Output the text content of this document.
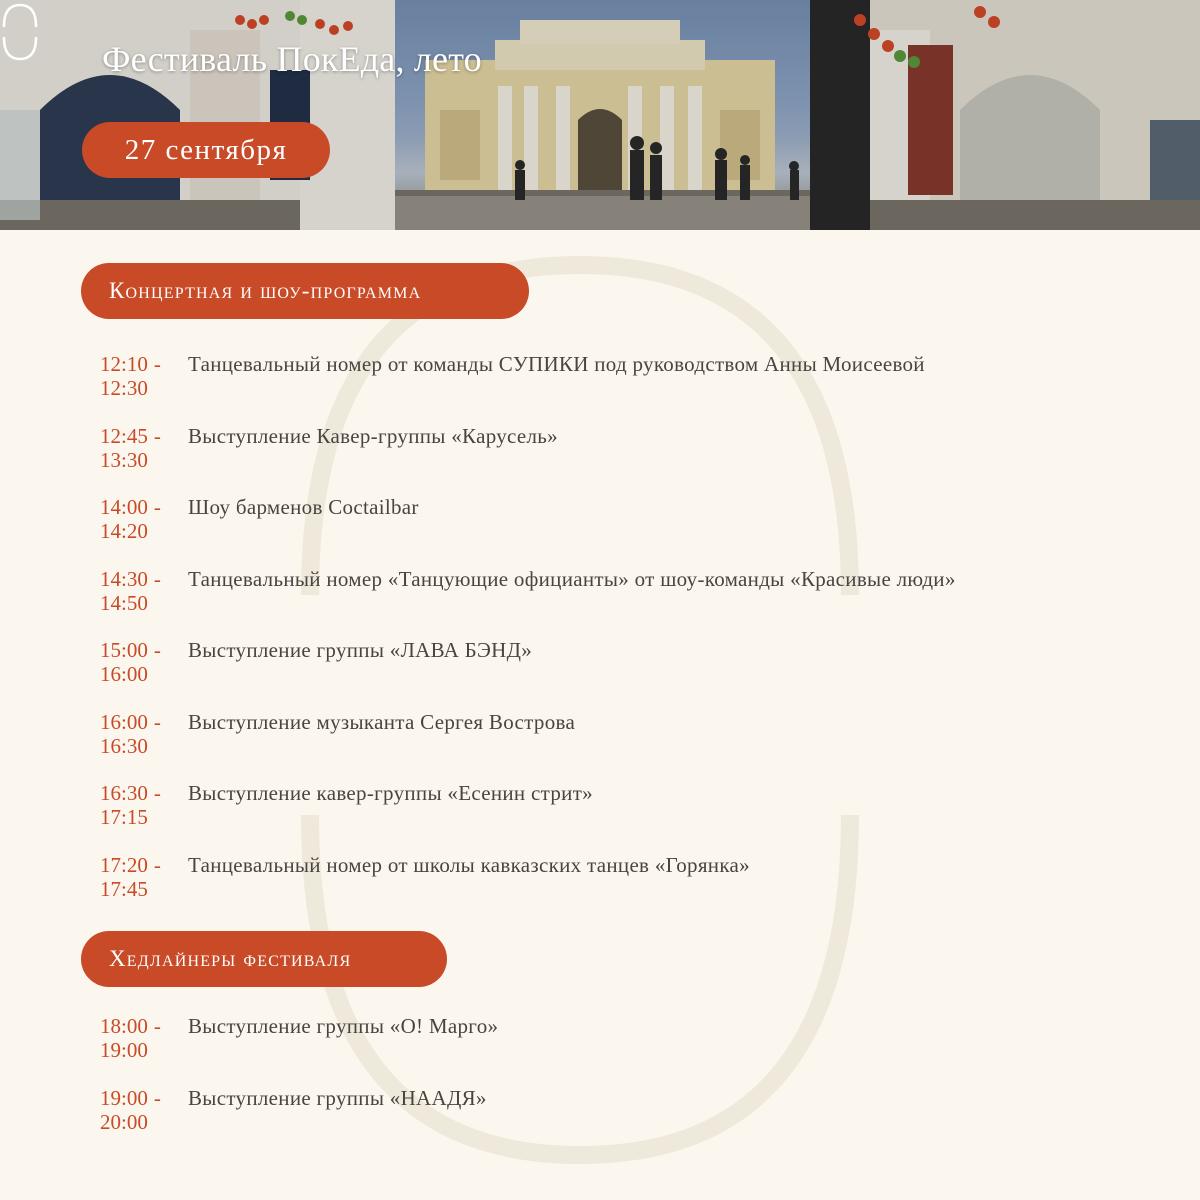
Фестиваль ПокЕда, лето
27 сентября
Концертная и шоу-программа
12:10 -
12:30
Танцевальный номер от команды СУПИКИ под руководством Анны Моисеевой
12:45 -
13:30
Выступление Кавер-группы «Карусель»
14:00 -
14:20
Шоу барменов Coctailbar
14:30 -
14:50
Танцевальный номер «Танцующие официанты» от шоу-команды «Красивые люди»
15:00 -
16:00
Выступление группы «ЛАВА БЭНД»
16:00 -
16:30
Выступление музыканта Сергея Вострова
16:30 -
17:15
Выступление кавер-группы «Есенин стрит»
17:20 -
17:45
Танцевальный номер от школы кавказских танцев «Горянка»
Хедлайнеры фестиваля
18:00 -
19:00
Выступление группы «О! Марго»
19:00 -
20:00
Выступление группы «НААДЯ»
